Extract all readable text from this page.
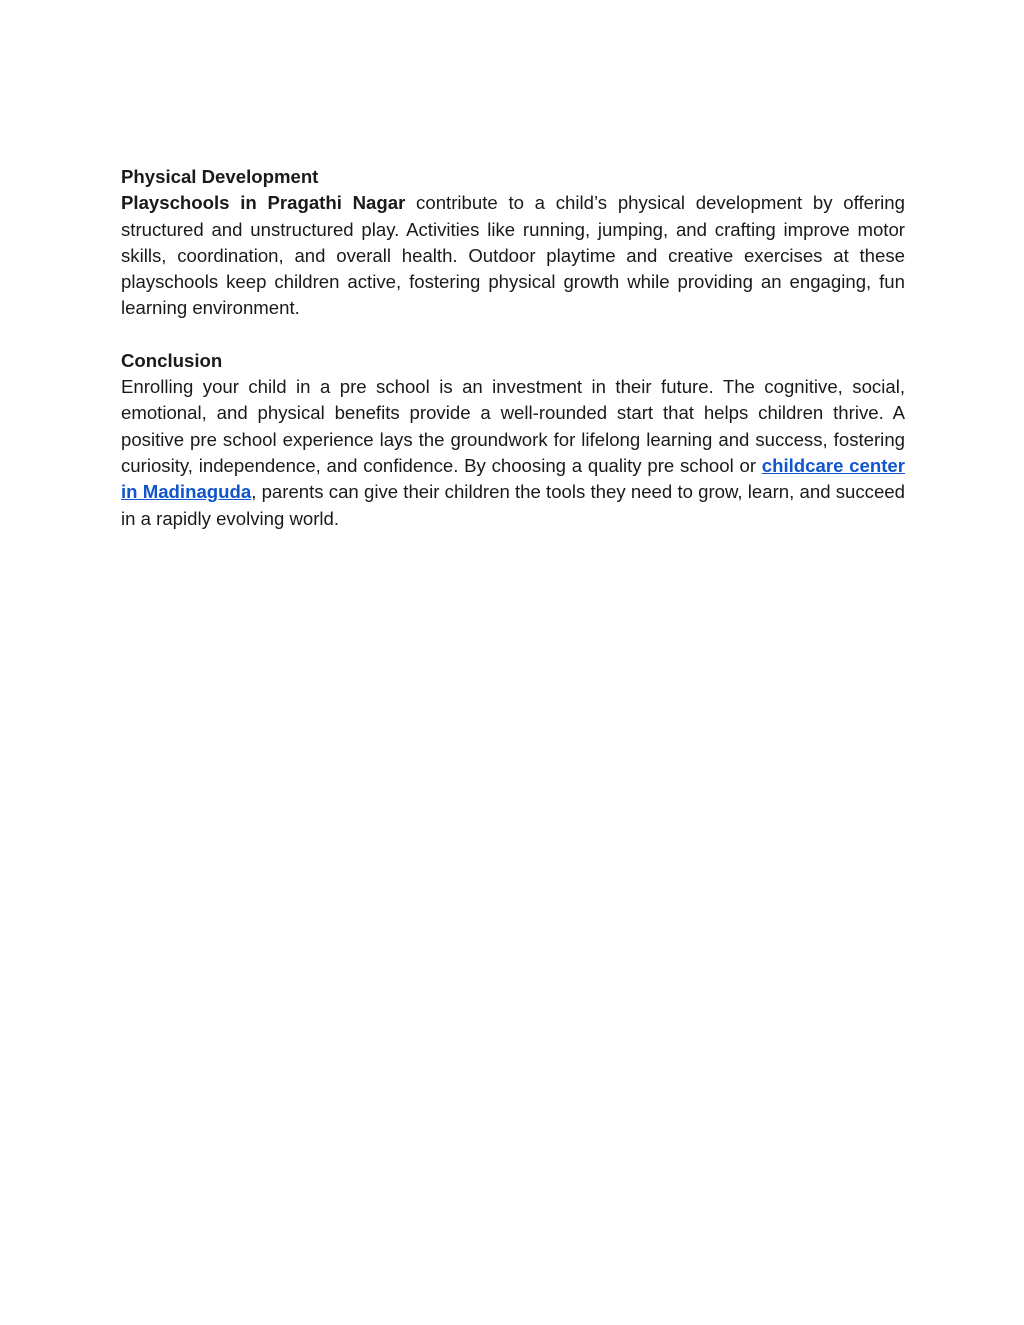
Physical Development

Playschools in Pragathi Nagar contribute to a child’s physical development by offering structured and unstructured play. Activities like running, jumping, and crafting improve motor skills, coordination, and overall health. Outdoor playtime and creative exercises at these playschools keep children active, fostering physical growth while providing an engaging, fun learning environment.

Conclusion

Enrolling your child in a pre school is an investment in their future. The cognitive, social, emotional, and physical benefits provide a well-rounded start that helps children thrive. A positive pre school experience lays the groundwork for lifelong learning and success, fostering curiosity, independence, and confidence. By choosing a quality pre school or childcare center in Madinaguda, parents can give their children the tools they need to grow, learn, and succeed in a rapidly evolving world.
